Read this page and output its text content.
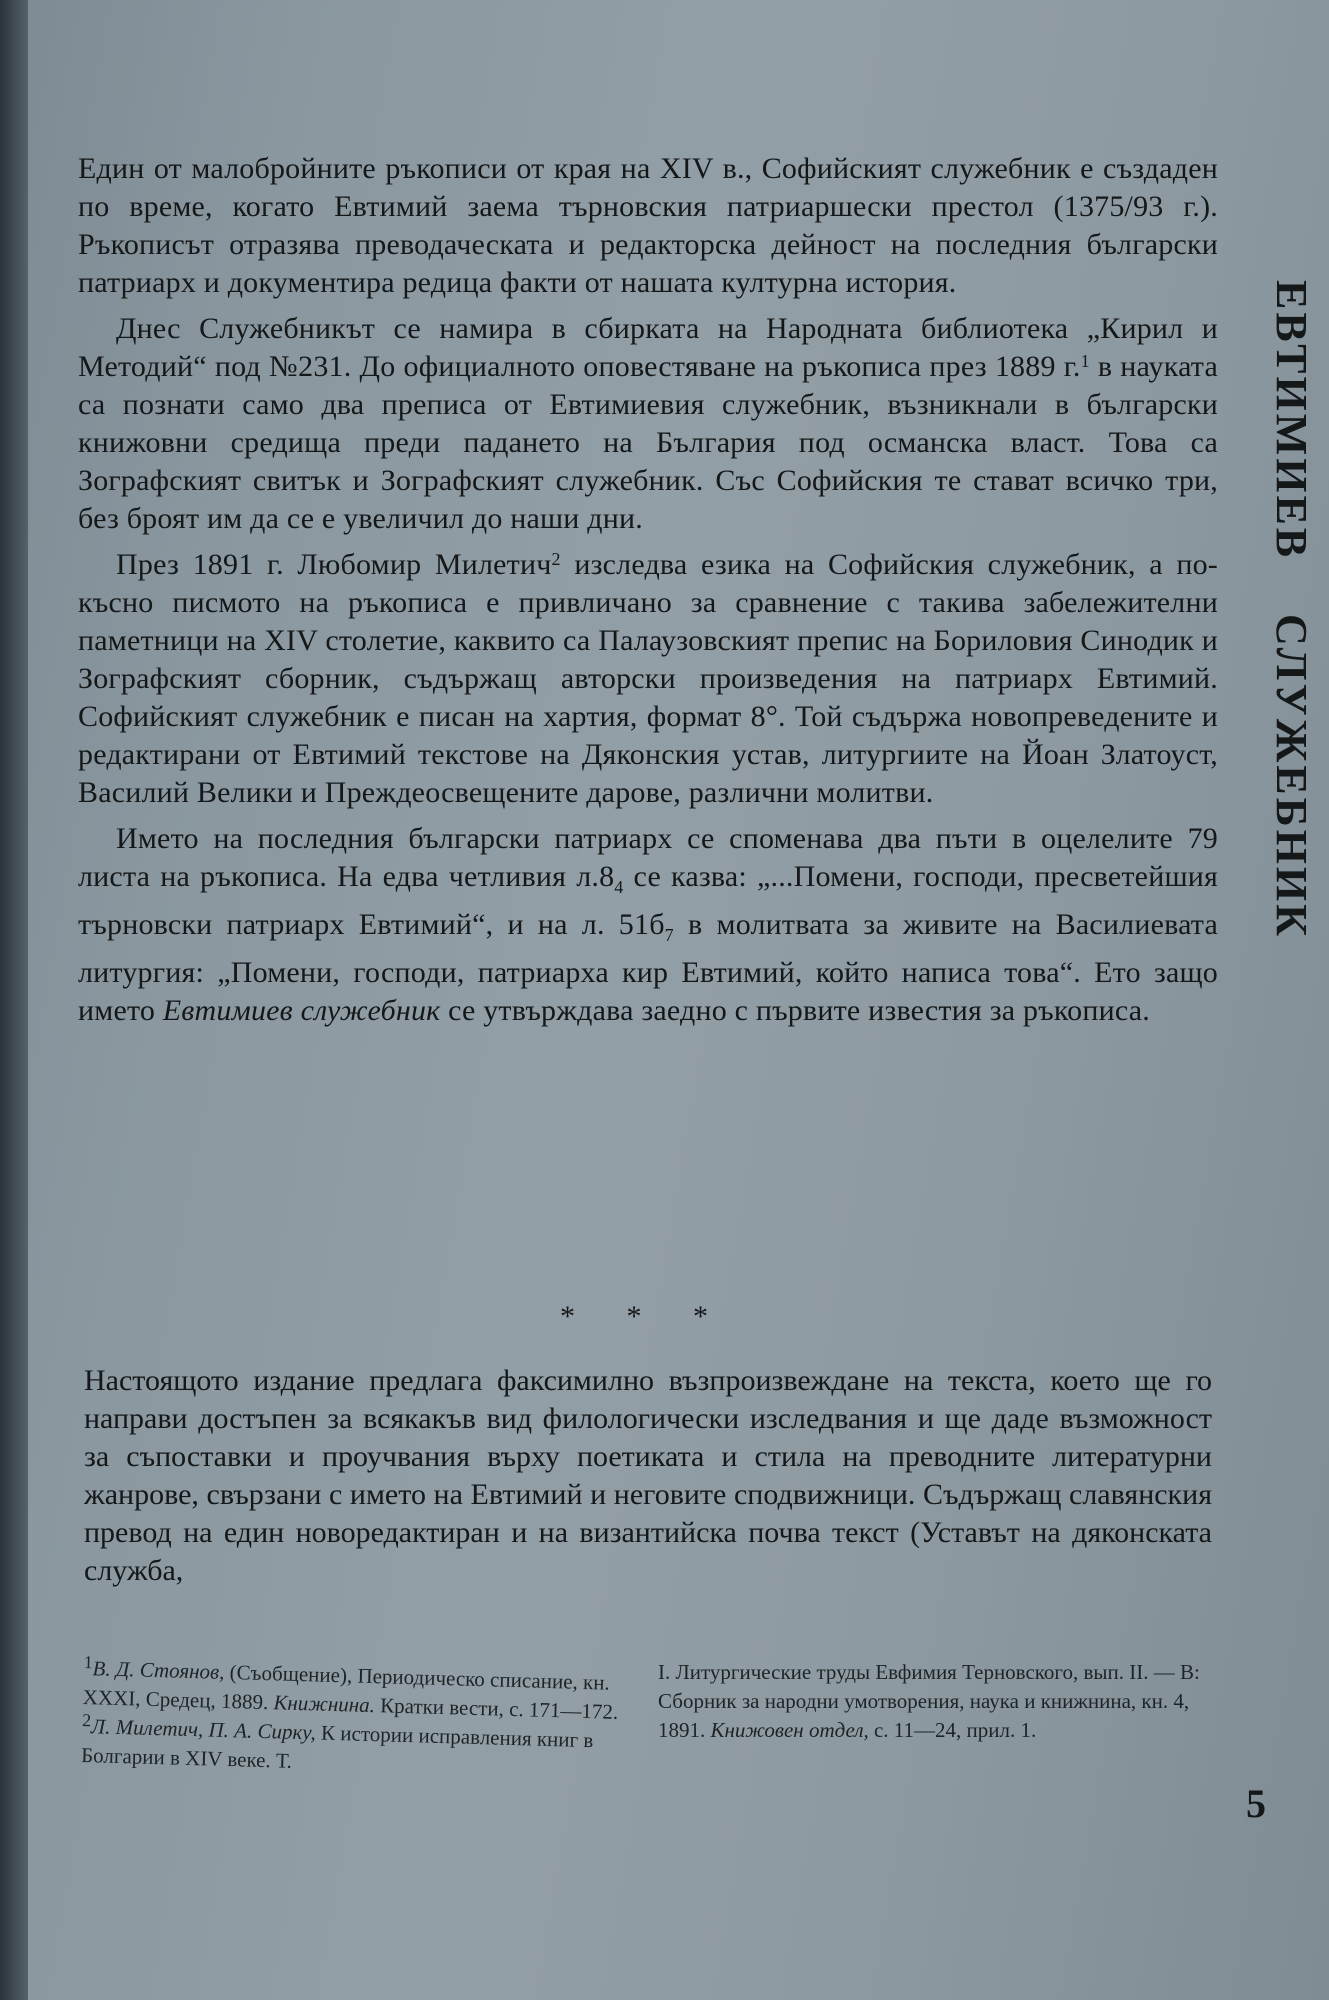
ЕВТИМИЕВ СЛУЖЕБНИК

Един от малобройните ръкописи от края на XIV в., Софийският служебник е създаден по време, когато Евтимий заема търновския патриаршески престол (1375/93 г.). Ръкописът отразява преводаческата и редакторска дейност на последния български патриарх и документира редица факти от нашата културна история.

Днес Служебникът се намира в сбирката на Народната библиотека „Кирил и Методий“ под №231. До официалното оповестяване на ръкописа през 1889 г.$^1$ в науката са познати само два преписа от Евтимиевия служебник, възникнали в български книжовни средища преди падането на България под османска власт. Това са Зографският свитък и Зографският служебник. Със Софийския те стават всичко три, без броят им да се е увеличил до наши дни.

През 1891 г. Любомир Милетич$^2$ изследва езика на Софийския служебник, а по-късно писмото на ръкописа е привличано за сравнение с такива забележителни паметници на XIV столетие, каквито са Палаузовският препис на Бориловия Синодик и Зографският сборник, съдържащ авторски произведения на патриарх Евтимий. Софийският служебник е писан на хартия, формат 8°. Той съдържа новопреведените и редактирани от Евтимий текстове на Дяконския устав, литургиите на Йоан Златоуст, Василий Велики и Преждеосвещените дарове, различни молитви.

Името на последния български патриарх се споменава два пъти в оцелелите 79 листа на ръкописа. На едва четливия $л.8_4$ се казва: „...Помени, господи, пресветейшия търновски патриарх Евтимий“, и на л. $51б_7$ в молитвата за живите на Василиевата литургия: „Помени, господи, патриарха кир Евтимий, който написа това“. Ето защо името Евтимиев служебник се утвърждава заедно с първите известия за ръкописа.

* * *

Настоящото издание предлага факсимилно възпроизвеждане на текста, което ще го направи достъпен за всякакъв вид филологически изследвания и ще даде възможност за съпоставки и проучвания върху поетиката и стила на преводните литературни жанрове, свързани с името на Евтимий и неговите сподвижници. Съдържащ славянския превод на един новоредактиран и на византийска почва текст (Уставът на дяконската служба,

$^1$В. Д. Стоянов, (Съобщение), Периодическо списание, кн. XXXI, Средец, 1889. Книжнина. Кратки вести, с. 171—172.
$^2$Л. Милетич, П. А. Сирку, К истории исправления книг в Болгарии в XIV веке. Т.
I. Литургические труды Евфимия Терновского, вып. II. — В: Сборник за народни умотворения, наука и книжнина, кн. 4, 1891. Книжовен отдел, с. 11—24, прил. 1.
5
